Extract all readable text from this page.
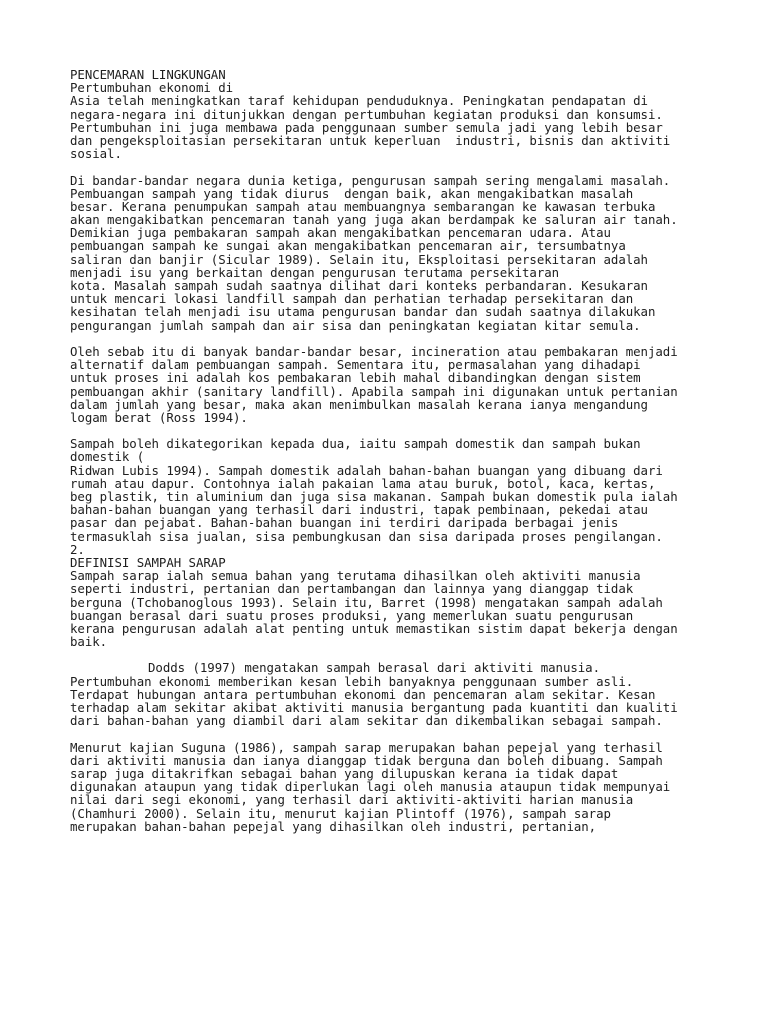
PENCEMARAN LINGKUNGAN
Pertumbuhan ekonomi di
Asia telah meningkatkan taraf kehidupan penduduknya. Peningkatan pendapatan di
negara-negara ini ditunjukkan dengan pertumbuhan kegiatan produksi dan konsumsi.
Pertumbuhan ini juga membawa pada penggunaan sumber semula jadi yang lebih besar
dan pengeksploitasian persekitaran untuk keperluan  industri, bisnis dan aktiviti
sosial.
Di bandar-bandar negara dunia ketiga, pengurusan sampah sering mengalami masalah.
Pembuangan sampah yang tidak diurus  dengan baik, akan mengakibatkan masalah
besar. Kerana penumpukan sampah atau membuangnya sembarangan ke kawasan terbuka
akan mengakibatkan pencemaran tanah yang juga akan berdampak ke saluran air tanah.
Demikian juga pembakaran sampah akan mengakibatkan pencemaran udara. Atau
pembuangan sampah ke sungai akan mengakibatkan pencemaran air, tersumbatnya
saliran dan banjir (Sicular 1989). Selain itu, Eksploitasi persekitaran adalah
menjadi isu yang berkaitan dengan pengurusan terutama persekitaran
kota. Masalah sampah sudah saatnya dilihat dari konteks perbandaran. Kesukaran
untuk mencari lokasi landfill sampah dan perhatian terhadap persekitaran dan
kesihatan telah menjadi isu utama pengurusan bandar dan sudah saatnya dilakukan
pengurangan jumlah sampah dan air sisa dan peningkatan kegiatan kitar semula.
Oleh sebab itu di banyak bandar-bandar besar, incineration atau pembakaran menjadi
alternatif dalam pembuangan sampah. Sementara itu, permasalahan yang dihadapi
untuk proses ini adalah kos pembakaran lebih mahal dibandingkan dengan sistem
pembuangan akhir (sanitary landfill). Apabila sampah ini digunakan untuk pertanian
dalam jumlah yang besar, maka akan menimbulkan masalah kerana ianya mengandung
logam berat (Ross 1994).
Sampah boleh dikategorikan kepada dua, iaitu sampah domestik dan sampah bukan
domestik (
Ridwan Lubis 1994). Sampah domestik adalah bahan-bahan buangan yang dibuang dari
rumah atau dapur. Contohnya ialah pakaian lama atau buruk, botol, kaca, kertas,
beg plastik, tin aluminium dan juga sisa makanan. Sampah bukan domestik pula ialah
bahan-bahan buangan yang terhasil dari industri, tapak pembinaan, pekedai atau
pasar dan pejabat. Bahan-bahan buangan ini terdiri daripada berbagai jenis
termasuklah sisa jualan, sisa pembungkusan dan sisa daripada proses pengilangan.
2.
DEFINISI SAMPAH SARAP
Sampah sarap ialah semua bahan yang terutama dihasilkan oleh aktiviti manusia
seperti industri, pertanian dan pertambangan dan lainnya yang dianggap tidak
berguna (Tchobanoglous 1993). Selain itu, Barret (1998) mengatakan sampah adalah
buangan berasal dari suatu proses produksi, yang memerlukan suatu pengurusan
kerana pengurusan adalah alat penting untuk memastikan sistim dapat bekerja dengan
baik.
Dodds (1997) mengatakan sampah berasal dari aktiviti manusia.
Pertumbuhan ekonomi memberikan kesan lebih banyaknya penggunaan sumber asli.
Terdapat hubungan antara pertumbuhan ekonomi dan pencemaran alam sekitar. Kesan
terhadap alam sekitar akibat aktiviti manusia bergantung pada kuantiti dan kualiti
dari bahan-bahan yang diambil dari alam sekitar dan dikembalikan sebagai sampah.
Menurut kajian Suguna (1986), sampah sarap merupakan bahan pepejal yang terhasil
dari aktiviti manusia dan ianya dianggap tidak berguna dan boleh dibuang. Sampah
sarap juga ditakrifkan sebagai bahan yang dilupuskan kerana ia tidak dapat
digunakan ataupun yang tidak diperlukan lagi oleh manusia ataupun tidak mempunyai
nilai dari segi ekonomi, yang terhasil dari aktiviti-aktiviti harian manusia
(Chamhuri 2000). Selain itu, menurut kajian Plintoff (1976), sampah sarap
merupakan bahan-bahan pepejal yang dihasilkan oleh industri, pertanian,
